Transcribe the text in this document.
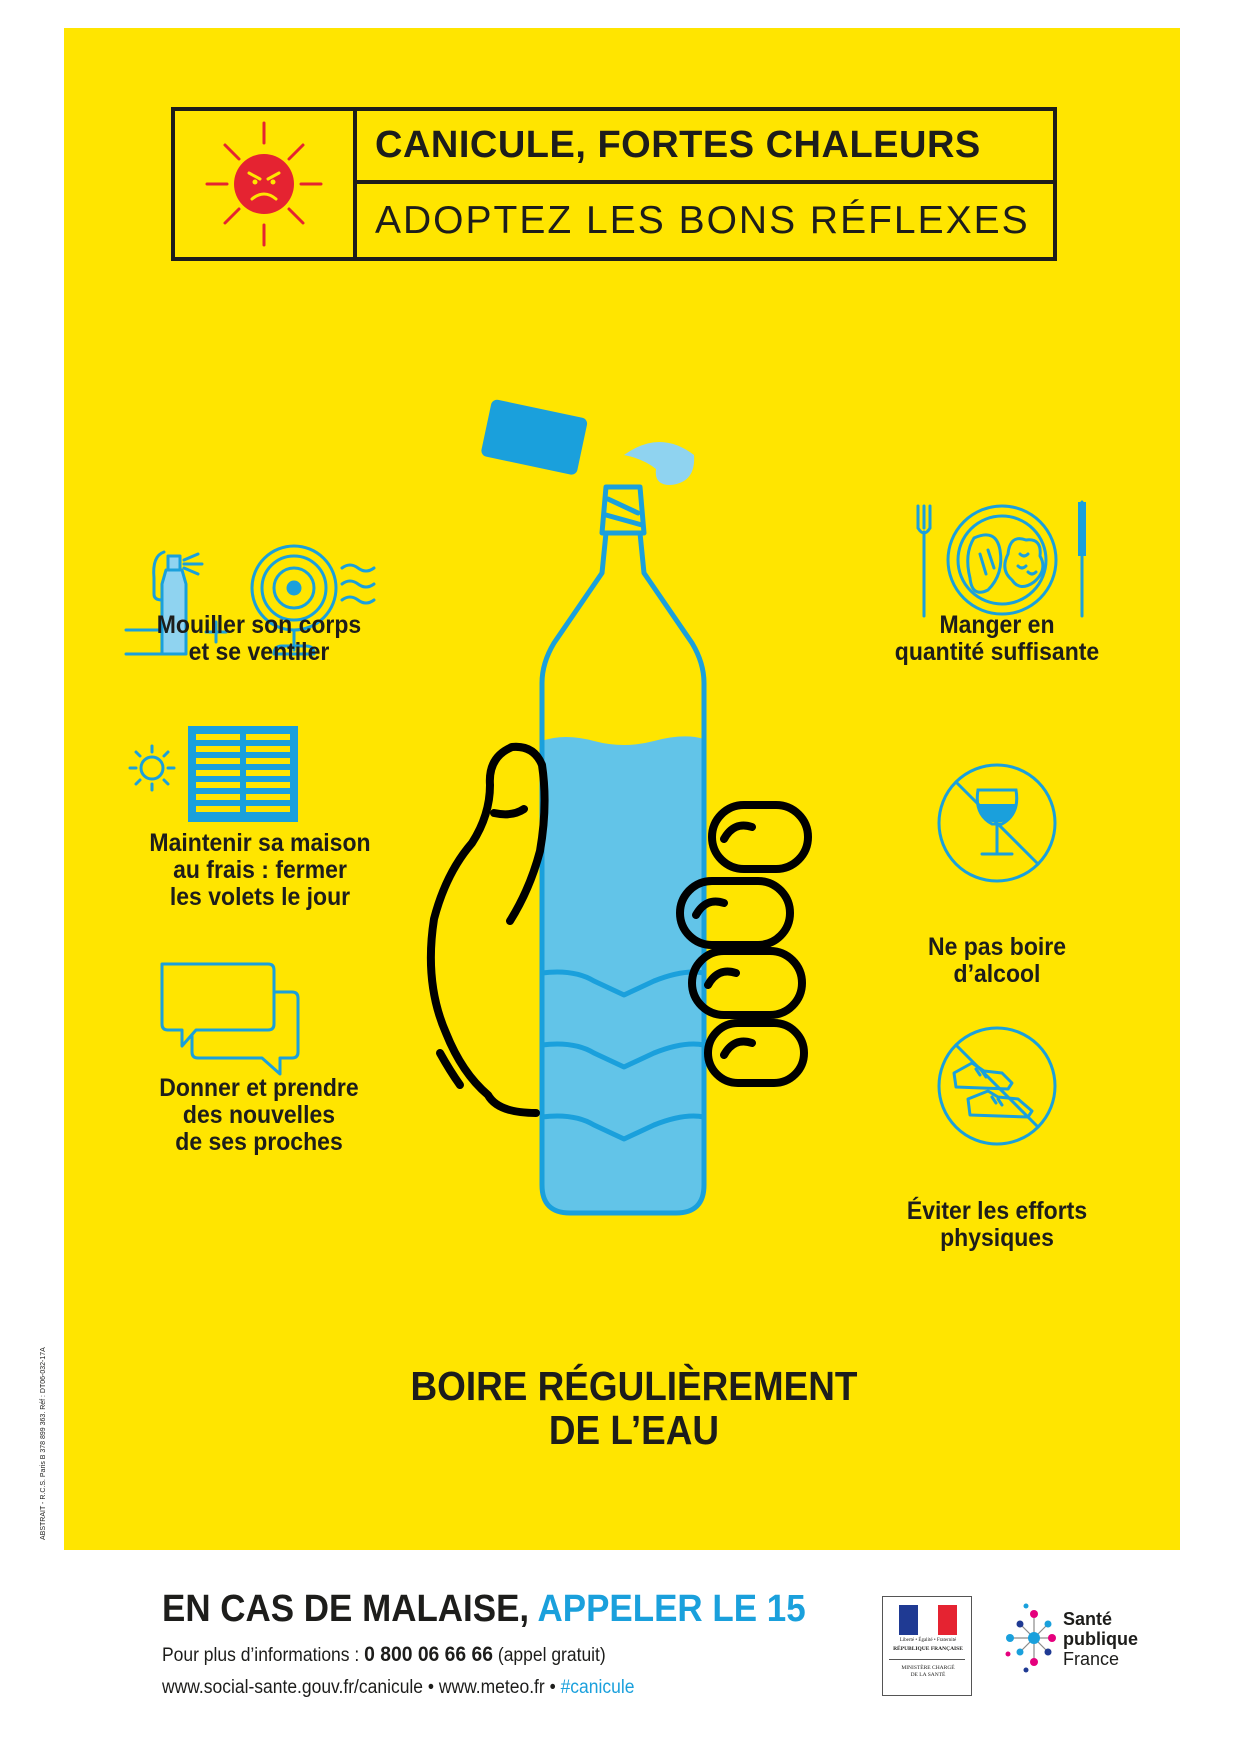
CANICULE, FORTES CHALEURS
ADOPTEZ LES BONS RÉFLEXES
Mouiller son corps
et se ventiler
Maintenir sa maison
au frais : fermer
les volets le jour
Donner et prendre
des nouvelles
de ses proches
Manger en
quantité suffisante
Ne pas boire
d’alcool
Éviter les efforts
physiques
BOIRE RÉGULIÈREMENT
DE L’EAU
ABSTRAIT - R.C.S. Paris B 378 899 363. Réf : DT06-032-17A
EN CAS DE MALAISE, APPELER LE 15
Pour plus d’informations : 0 800 06 66 66 (appel gratuit)
www.social-sante.gouv.fr/canicule • www.meteo.fr • #canicule
Liberté • Égalité • Fraternité
RÉPUBLIQUE FRANÇAISE
MINISTÈRE CHARGÉ
DE LA SANTÉ
Santé
publique
France
